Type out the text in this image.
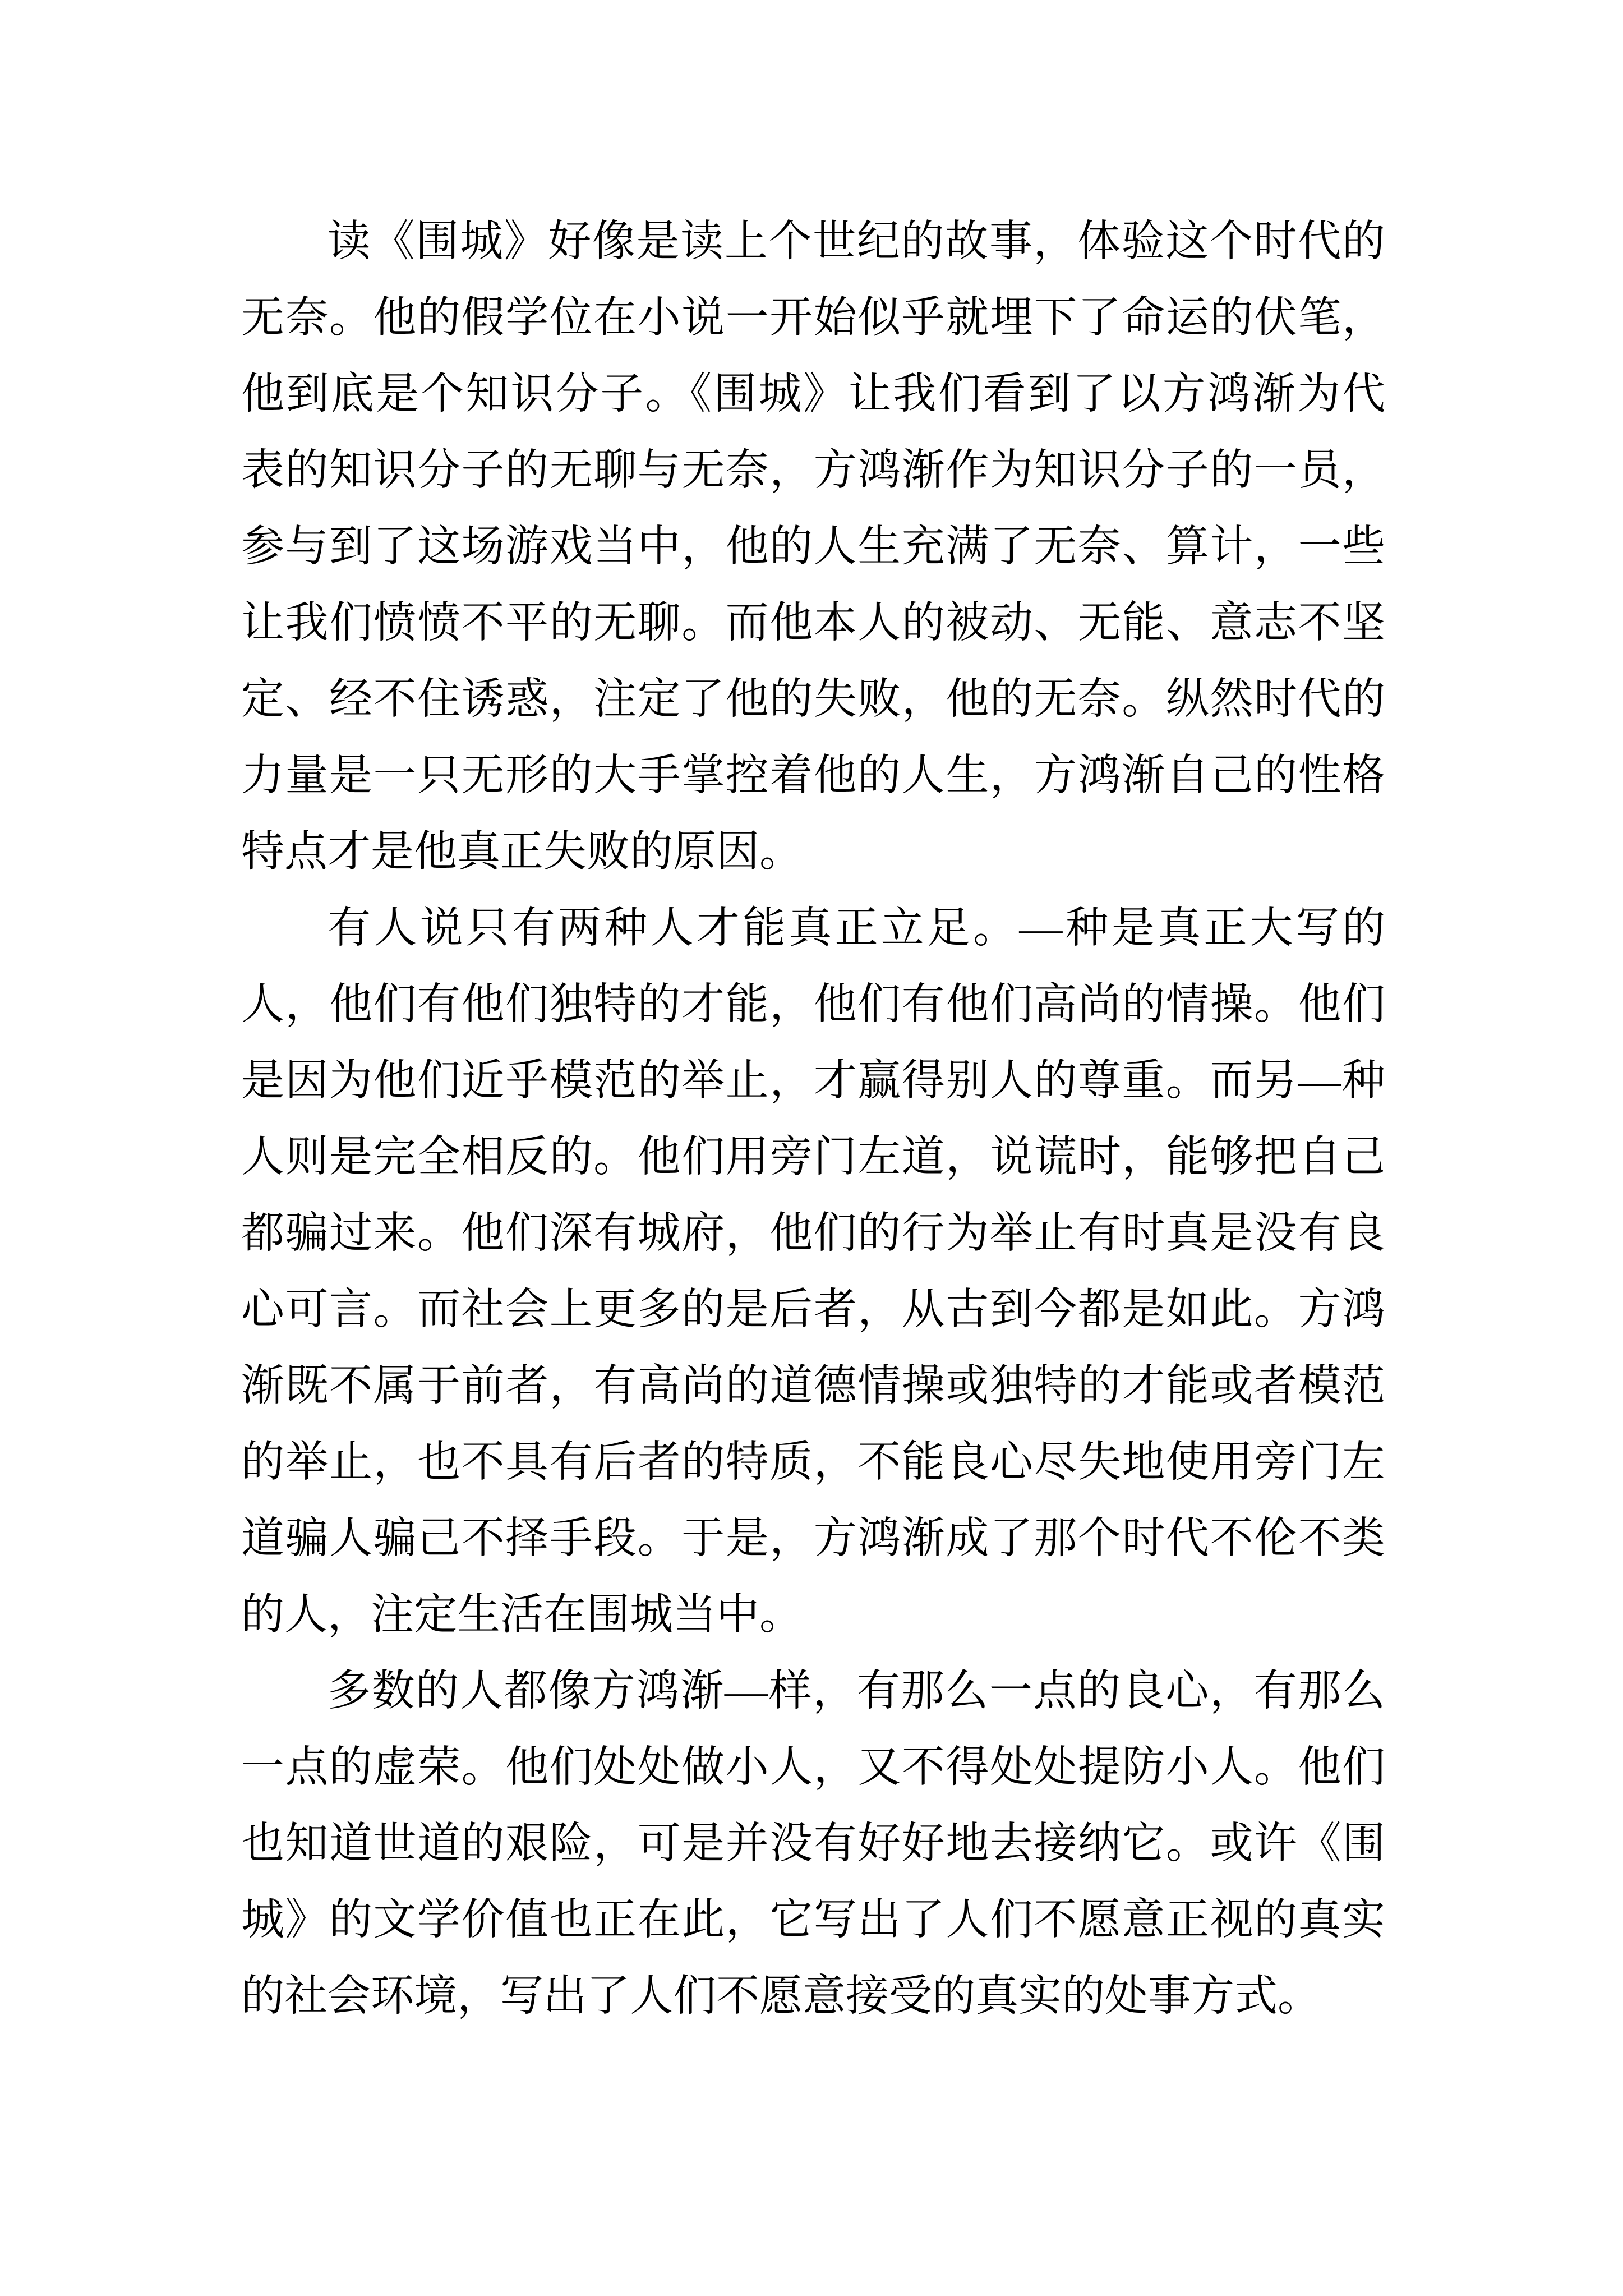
读《围城》好像是读上个世纪的故事，体验这个时代的
无奈。他的假学位在小说一开始似乎就埋下了命运的伏笔，
他到底是个知识分子。《围城》让我们看到了以方鸿渐为代
表的知识分子的无聊与无奈，方鸿渐作为知识分子的一员，
参与到了这场游戏当中，他的人生充满了无奈、算计，一些
让我们愤愤不平的无聊。而他本人的被动、无能、意志不坚
定、经不住诱惑，注定了他的失败，他的无奈。纵然时代的
力量是一只无形的大手掌控着他的人生，方鸿渐自己的性格
特点才是他真正失败的原因。
有人说只有两种人才能真正立足。—种是真正大写的
人，他们有他们独特的才能，他们有他们高尚的情操。他们
是因为他们近乎模范的举止，才赢得别人的尊重。而另—种
人则是完全相反的。他们用旁门左道，说谎时，能够把自己
都骗过来。他们深有城府，他们的行为举止有时真是没有良
心可言。而社会上更多的是后者，从古到今都是如此。方鸿
渐既不属于前者，有高尚的道德情操或独特的才能或者模范
的举止，也不具有后者的特质，不能良心尽失地使用旁门左
道骗人骗己不择手段。于是，方鸿渐成了那个时代不伦不类
的人，注定生活在围城当中。
多数的人都像方鸿渐—样，有那么一点的良心，有那么
一点的虚荣。他们处处做小人，又不得处处提防小人。他们
也知道世道的艰险，可是并没有好好地去接纳它。或许《围
城》的文学价值也正在此，它写出了人们不愿意正视的真实
的社会环境，写出了人们不愿意接受的真实的处事方式。
